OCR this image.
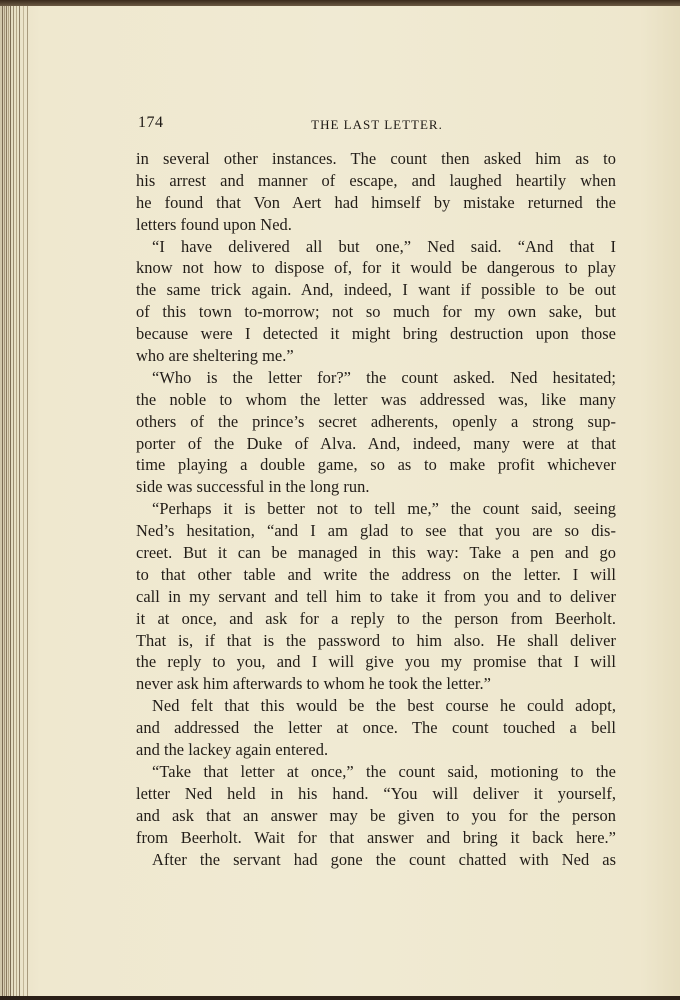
174	THE LAST LETTER.
in several other instances. The count then asked him as to
his arrest and manner of escape, and laughed heartily when
he found that Von Aert had himself by mistake returned the
letters found upon Ned.
“I have delivered all but one,” Ned said. “And that I
know not how to dispose of, for it would be dangerous to play
the same trick again. And, indeed, I want if possible to be out
of this town to-morrow; not so much for my own sake, but
because were I detected it might bring destruction upon those
who are sheltering me.”
“Who is the letter for?” the count asked. Ned hesitated;
the noble to whom the letter was addressed was, like many
others of the prince’s secret adherents, openly a strong sup-
porter of the Duke of Alva. And, indeed, many were at that
time playing a double game, so as to make profit whichever
side was successful in the long run.
“Perhaps it is better not to tell me,” the count said, seeing
Ned’s hesitation, “and I am glad to see that you are so dis-
creet. But it can be managed in this way: Take a pen and go
to that other table and write the address on the letter. I will
call in my servant and tell him to take it from you and to deliver
it at once, and ask for a reply to the person from Beerholt.
That is, if that is the password to him also. He shall deliver
the reply to you, and I will give you my promise that I will
never ask him afterwards to whom he took the letter.”
Ned felt that this would be the best course he could adopt,
and addressed the letter at once. The count touched a bell
and the lackey again entered.
“Take that letter at once,” the count said, motioning to the
letter Ned held in his hand. “You will deliver it yourself,
and ask that an answer may be given to you for the person
from Beerholt. Wait for that answer and bring it back here.”
After the servant had gone the count chatted with Ned as
